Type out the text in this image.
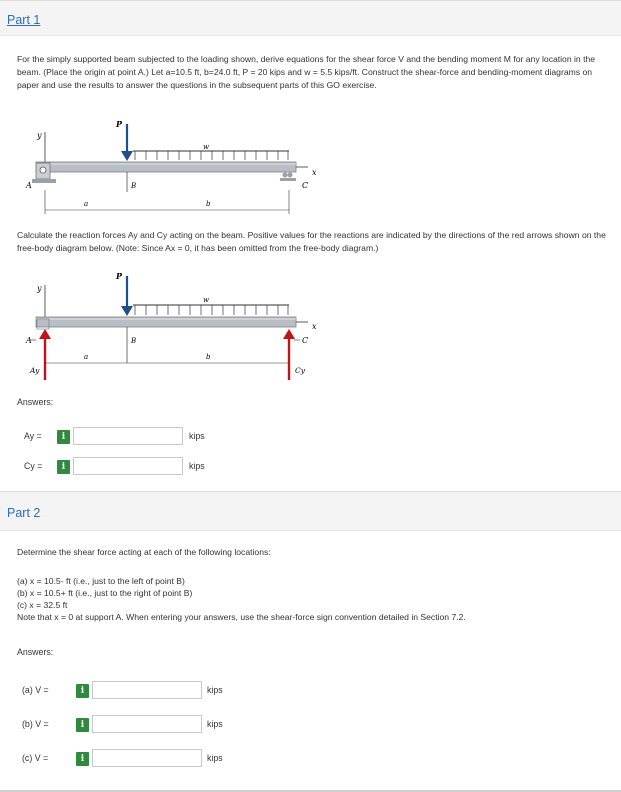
Part 1
For the simply supported beam subjected to the loading shown, derive equations for the shear force V and the bending moment M for any location in the beam. (Place the origin at point A.) Let a=10.5 ft, b=24.0 ft, P = 20 kips and w = 5.5 kips/ft. Construct the shear-force and bending-moment diagrams on paper and use the results to answer the questions in the subsequent parts of this GO exercise.
y
P
w
x
A	C
B
a	b
Calculate the reaction forces Ay and Cy acting on the beam. Positive values for the reactions are indicated by the directions of the red arrows shown on the free-body diagram below. (Note: Since Ax = 0, it has been omitted from the free-body diagram.)
y
P
w
x
A
Ay	Cy
C
B
a	b
Answers:
Ay =	i	kips
Cy =	i	kips
Part 2
Determine the shear force acting at each of the following locations:
(a) x = 10.5- ft (i.e., just to the left of point B)
(b) x = 10.5+ ft (i.e., just to the right of point B)
(c) x = 32.5 ft
Note that x = 0 at support A. When entering your answers, use the shear-force sign convention detailed in Section 7.2.
Answers:
(a) V =	i	kips
(b) V =	i	kips
(c) V =	i	kips
